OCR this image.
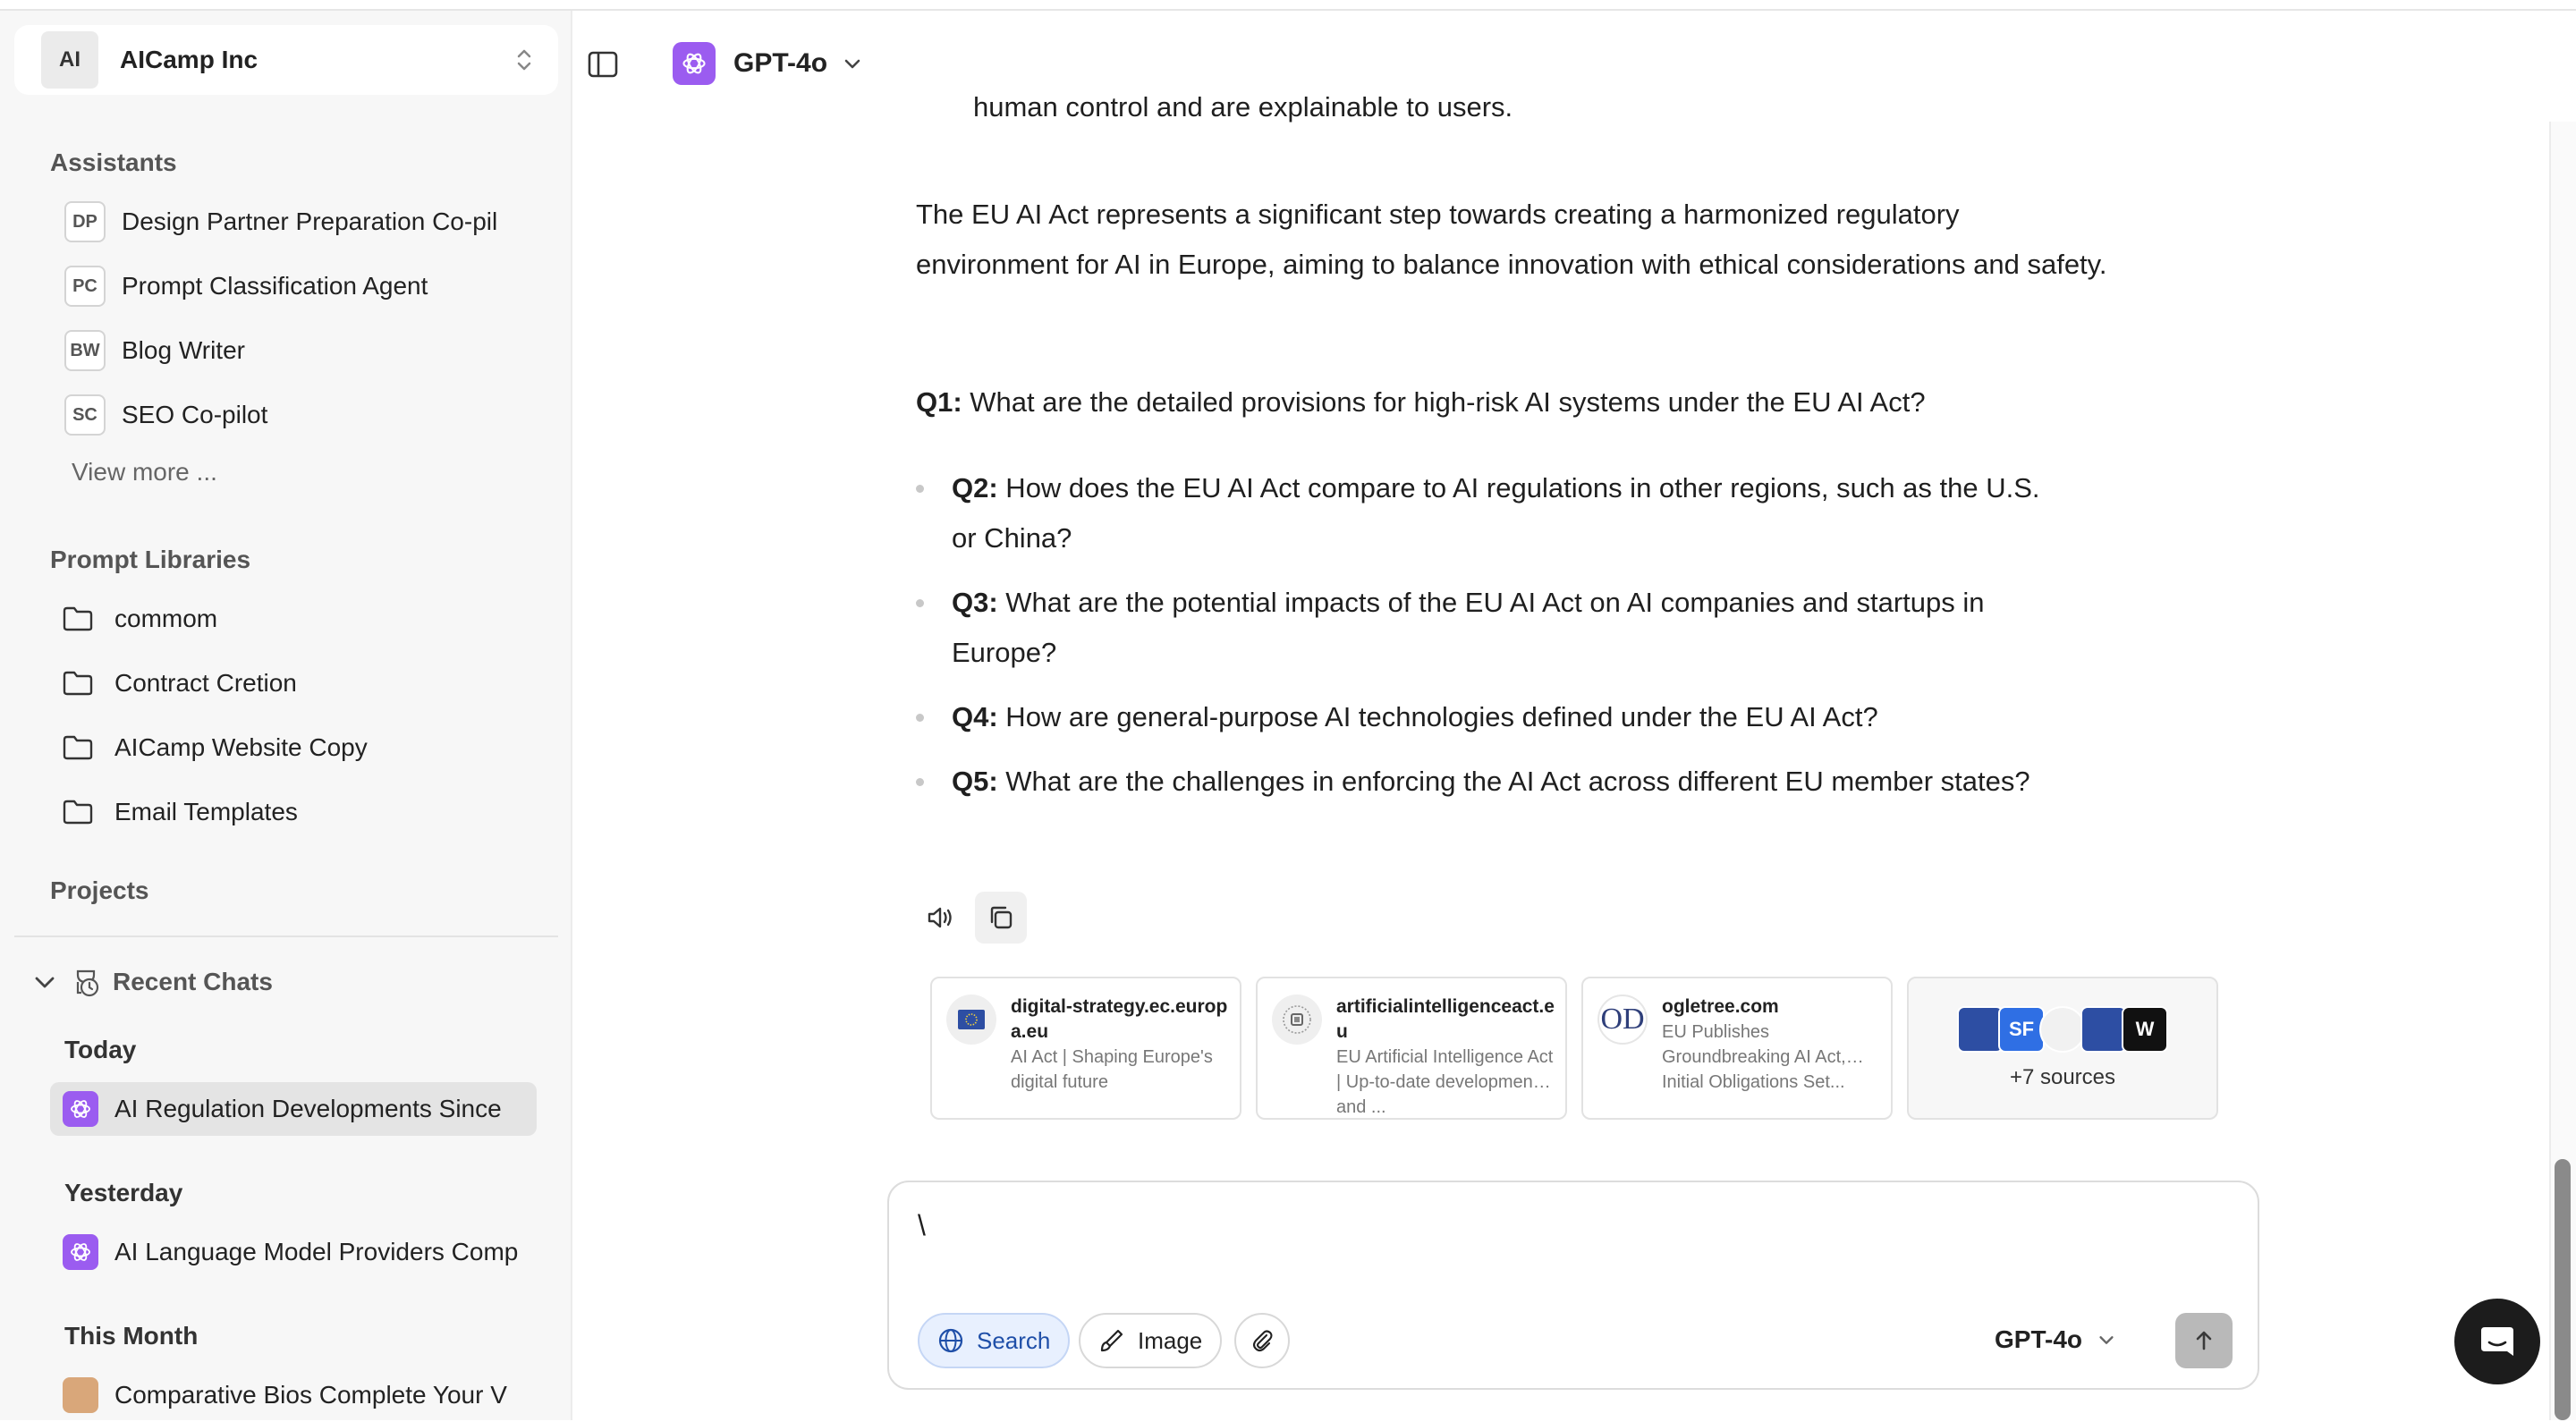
AI	AICamp Inc
Assistants
DP Design Partner Preparation Co-pil
PC Prompt Classification Agent
BW Blog Writer
SC SEO Co-pilot
View more ...
Prompt Libraries
commom
Contract Cretion
AICamp Website Copy
Email Templates
Projects
Recent Chats
Today
AI Regulation Developments Since
Yesterday
AI Language Model Providers Comp
This Month
Comparative Bios Complete Your V
GPT-4o

human control and are explainable to users.

The EU AI Act represents a significant step towards creating a harmonized regulatory environment for AI in Europe, aiming to balance innovation with ethical considerations and safety.

Q1: What are the detailed provisions for high-risk AI systems under the EU AI Act?

Q2: How does the EU AI Act compare to AI regulations in other regions, such as the U.S. or China?
Q3: What are the potential impacts of the EU AI Act on AI companies and startups in Europe?
Q4: How are general-purpose AI technologies defined under the EU AI Act?
Q5: What are the challenges in enforcing the AI Act across different EU member states?
digital-strategy.ec.europa.eu
AI Act | Shaping Europe's digital future
artificialintelligenceact.eu
EU Artificial Intelligence Act | Up-to-date developments and ...
OD ogletree.com
EU Publishes Groundbreaking AI Act, Initial Obligations Set...
SF	W
+7 sources
\
Search	Image	GPT-4o
